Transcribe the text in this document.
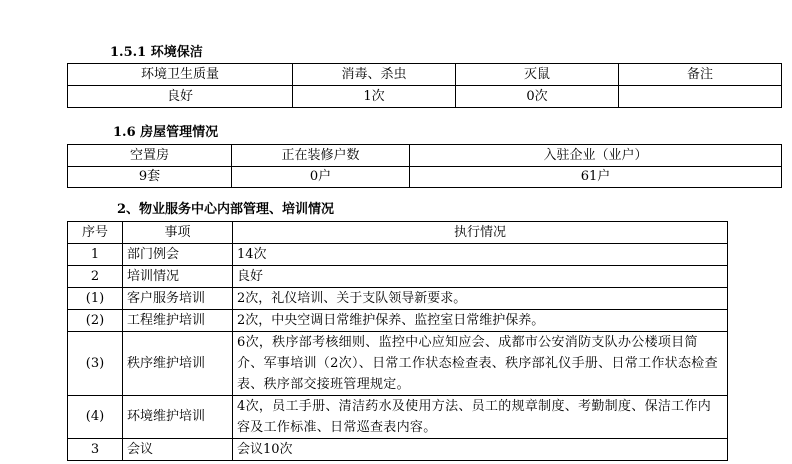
1.5.1 环境保洁
环境卫生质量	消毒、杀虫	灭鼠	备注
良好	1次	0次	
1.6 房屋管理情况
空置房	正在装修户数	入驻企业（业户）
9套	0户	61户
2、物业服务中心内部管理、培训情况
序号	事项	执行情况
1	部门例会	14次
2	培训情况	良好
(1)	客户服务培训	2次，礼仪培训、关于支队领导新要求。
(2)	工程维护培训	2次，中央空调日常维护保养、监控室日常维护保养。
(3)	秩序维护培训	6次，秩序部考核细则、监控中心应知应会、成都市公安消防支队办公楼项目简介、军事培训（2次）、日常工作状态检查表、秩序部礼仪手册、日常工作状态检查表、秩序部交接班管理规定。
(4)	环境维护培训	4次，员工手册、清洁药水及使用方法、员工的规章制度、考勤制度、保洁工作内容及工作标准、日常巡查表内容。
3	会议	会议10次
